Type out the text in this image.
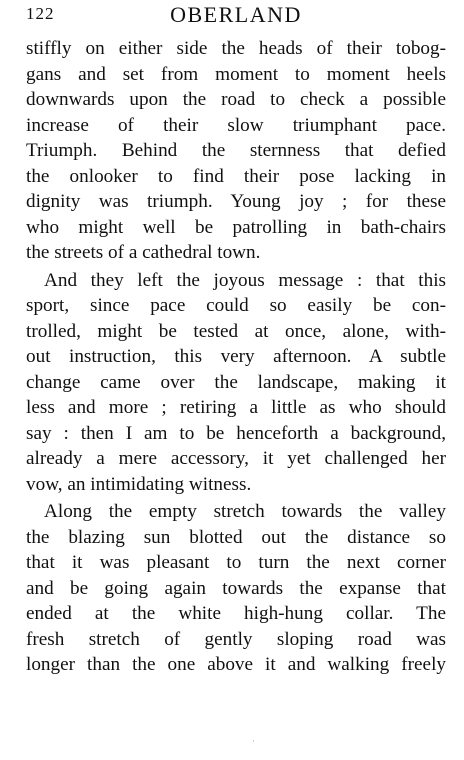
122	OBERLAND
stiffly on either side the heads of their tobog-
gans and set from moment to moment heels
downwards upon the road to check a possible
increase of their slow triumphant pace.
Triumph. Behind the sternness that defied
the onlooker to find their pose lacking in
dignity was triumph. Young joy ; for these
who might well be patrolling in bath-chairs
the streets of a cathedral town.
And they left the joyous message : that this
sport, since pace could so easily be con-
trolled, might be tested at once, alone, with-
out instruction, this very afternoon. A subtle
change came over the landscape, making it
less and more ; retiring a little as who should
say : then I am to be henceforth a background,
already a mere accessory, it yet challenged her
vow, an intimidating witness.
Along the empty stretch towards the valley
the blazing sun blotted out the distance so
that it was pleasant to turn the next corner
and be going again towards the expanse that
ended at the white high-hung collar. The
fresh stretch of gently sloping road was
longer than the one above it and walking freely
·
